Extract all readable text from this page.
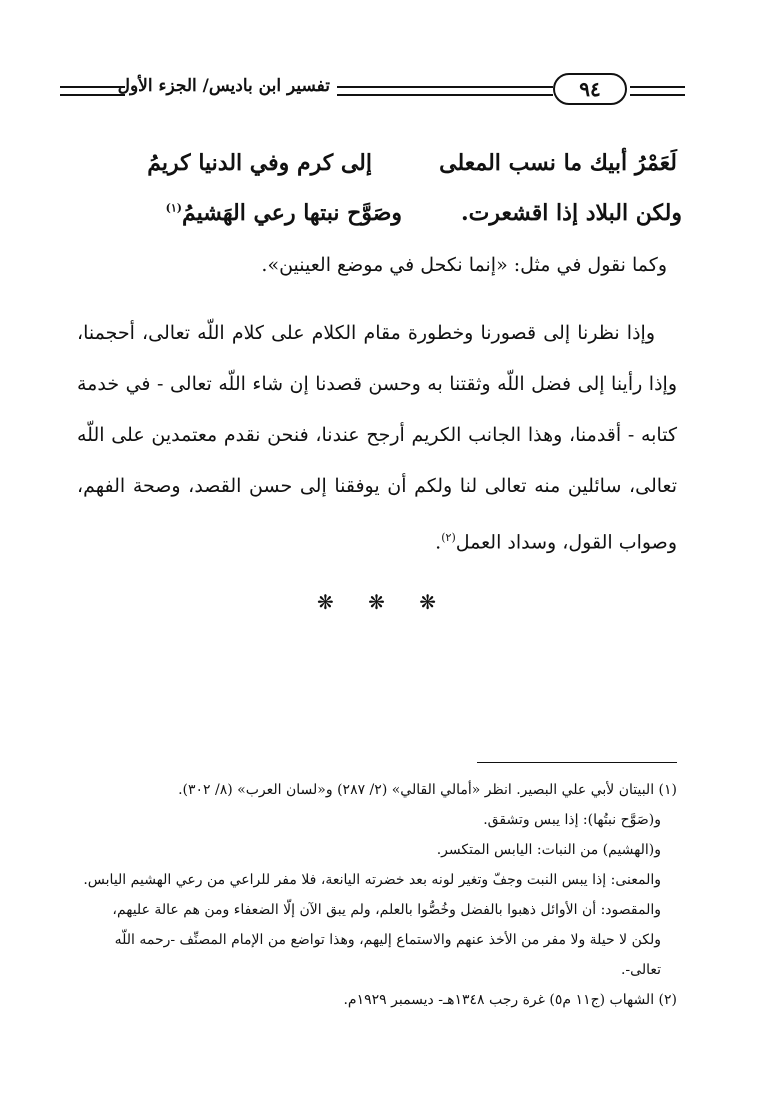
٩٤
تفسير ابن باديس/ الجزء الأول
لَعَمْرُ أبيك ما نسب المعلى
إلى كرم وفي الدنيا كريمُ
ولكن البلاد إذا اقشعرت.
وصَوَّح نبتها رعي الهَشيمُ$^{(١)}$
وكما نقول في مثل: «إنما نكحل في موضع العينين».
وإذا نظرنا إلى قصورنا وخطورة مقام الكلام على كلام اللّه تعالى، أحجمنا، وإذا رأينا إلى فضل اللّه وثقتنا به وحسن قصدنا إن شاء اللّه تعالى - في خدمة كتابه - أقدمنا، وهذا الجانب الكريم أرجح عندنا، فنحن نقدم معتمدين على اللّه تعالى، سائلين منه تعالى لنا ولكم أن يوفقنا إلى حسن القصد، وصحة الفهم، وصواب القول، وسداد العمل$^{(٢)}$.
❋ ❋ ❋

(١) البيتان لأبي علي البصير. انظر «أمالي القالي» (٢/ ٢٨٧) و«لسان العرب» (٨/ ٣٠٢).

و(صَوَّح نبتُها): إذا يبس وتشقق.

و(الهشيم) من النبات: اليابس المتكسر.

والمعنى: إذا يبس النبت وجفّ وتغير لونه بعد خضرته اليانعة، فلا مفر للراعي من رعي الهشيم اليابس.

والمقصود: أن الأوائل ذهبوا بالفضل وخُصُّوا بالعلم، ولم يبق الآن إلّا الضعفاء ومن هم عالة عليهم، ولكن لا حيلة ولا مفر من الأخذ عنهم والاستماع إليهم، وهذا تواضع من الإمام المصنِّف -رحمه اللّه تعالى-.

(٢) الشهاب (ج١١ م٥) غرة رجب ١٣٤٨هـ- ديسمبر ١٩٢٩م.
